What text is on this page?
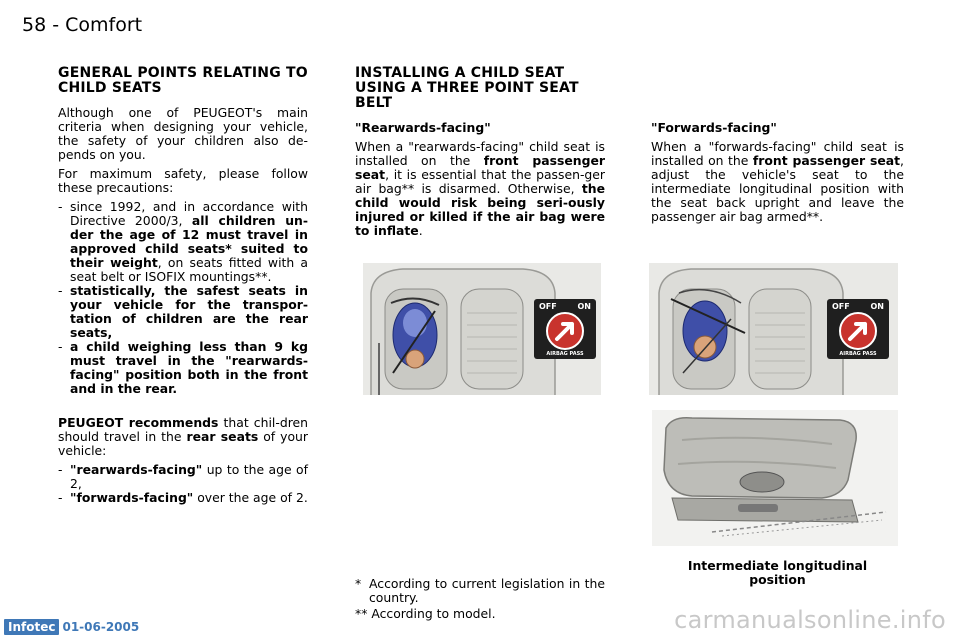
58 - Comfort
GENERAL POINTS RELATING TO CHILD SEATS

Although one of PEUGEOT's main criteria when designing your vehicle, the safety of your children also de-pends on you.

For maximum safety, please follow these precautions:

- since 1992, and in accordance with Directive 2000/3, all children un-der the age of 12 must travel in approved child seats* suited to their weight, on seats fitted with a seat belt or ISOFIX mountings**.
- statistically, the safest seats in your vehicle for the transpor-tation of children are the rear seats,
- a child weighing less than 9 kg must travel in the "rearwards-facing" position both in the front and in the rear.

PEUGEOT recommends that chil-dren should travel in the rear seats of your vehicle:

- "rearwards-facing" up to the age of 2,
- "forwards-facing" over the age of 2.
INSTALLING A CHILD SEAT USING A THREE POINT SEAT BELT
"Rearwards-facing"

When a "rearwards-facing" child seat is installed on the front passenger seat, it is essential that the passen-ger air bag** is disarmed. Otherwise, the child would risk being seri-ously injured or killed if the air bag were to inflate.

"Forwards-facing"

When a "forwards-facing" child seat is installed on the front passenger seat, adjust the vehicle's seat to the intermediate longitudinal position with the seat back upright and leave the passenger air bag armed**.

OFF	ON
AIRBAG PASS
OFF	ON
AIRBAG PASS
Intermediate longitudinal position
* According to current legislation in the country.
** According to model.
Infotec 01-06-2005	carmanualsonline.info
